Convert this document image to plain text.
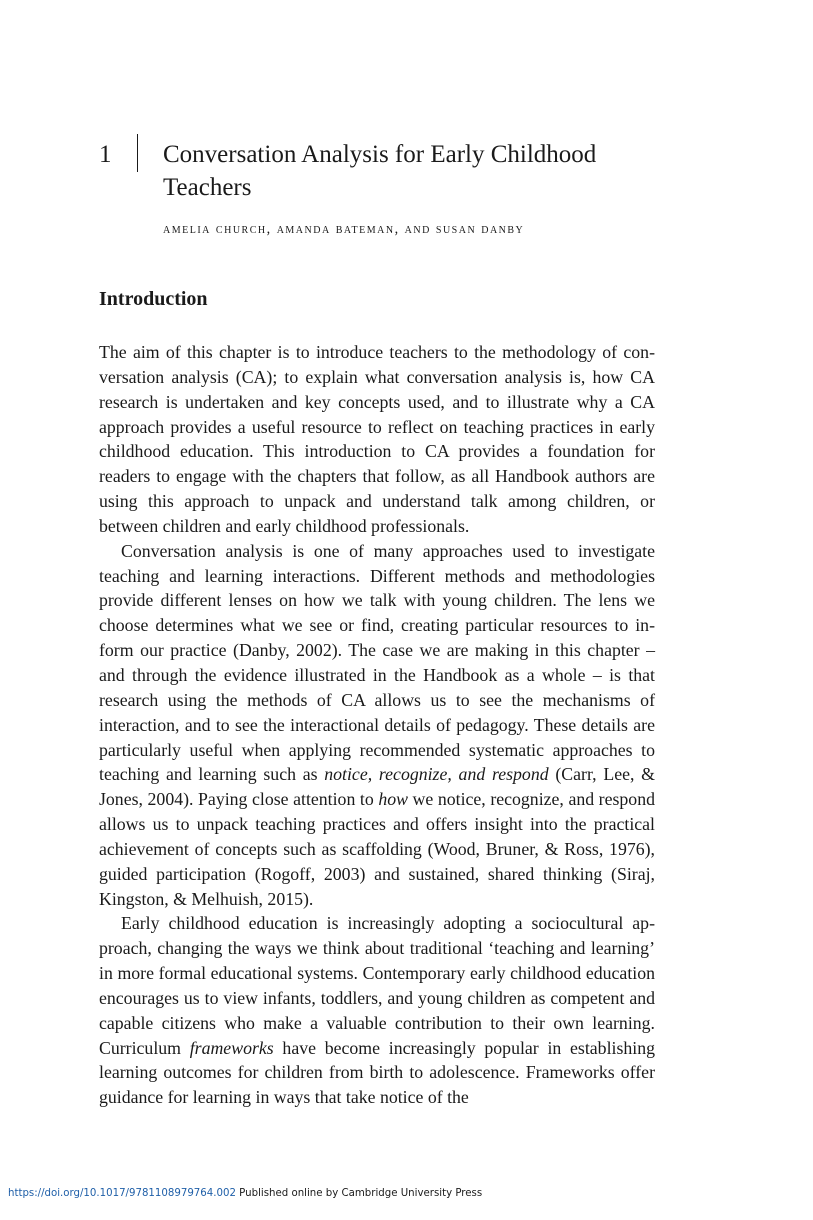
1 Conversation Analysis for Early Childhood Teachers

amelia church, amanda bateman, and susan danby

Introduction

The aim of this chapter is to introduce teachers to the methodology of conversation analysis (CA); to explain what conversation analysis is, how CA research is undertaken and key concepts used, and to illustrate why a CA approach provides a useful resource to reflect on teaching practices in early childhood education. This introduction to CA provides a foundation for readers to engage with the chapters that follow, as all Handbook authors are using this approach to unpack and understand talk among children, or between children and early childhood professionals.

Conversation analysis is one of many approaches used to investigate teaching and learning interactions. Different methods and methodologies provide different lenses on how we talk with young children. The lens we choose determines what we see or find, creating particular resources to inform our practice (Danby, 2002). The case we are making in this chapter – and through the evidence illustrated in the Handbook as a whole – is that research using the methods of CA allows us to see the mechanisms of interaction, and to see the interactional details of pedagogy. These details are particularly useful when applying recommended systematic approaches to teaching and learning such as notice, recognize, and respond (Carr, Lee, & Jones, 2004). Paying close attention to how we notice, recognize, and respond allows us to unpack teaching practices and offers insight into the practical achievement of concepts such as scaffolding (Wood, Bruner, & Ross, 1976), guided participation (Rogoff, 2003) and sustained, shared thinking (Siraj, Kingston, & Melhuish, 2015).

Early childhood education is increasingly adopting a sociocultural approach, changing the ways we think about traditional ‘teaching and learning’ in more formal educational systems. Contemporary early childhood education encourages us to view infants, toddlers, and young children as competent and capable citizens who make a valuable contribution to their own learning. Curriculum frameworks have become increasingly popular in establishing learning outcomes for children from birth to adolescence. Frameworks offer guidance for learning in ways that take notice of the

https://doi.org/10.1017/9781108979764.002 Published online by Cambridge University Press
